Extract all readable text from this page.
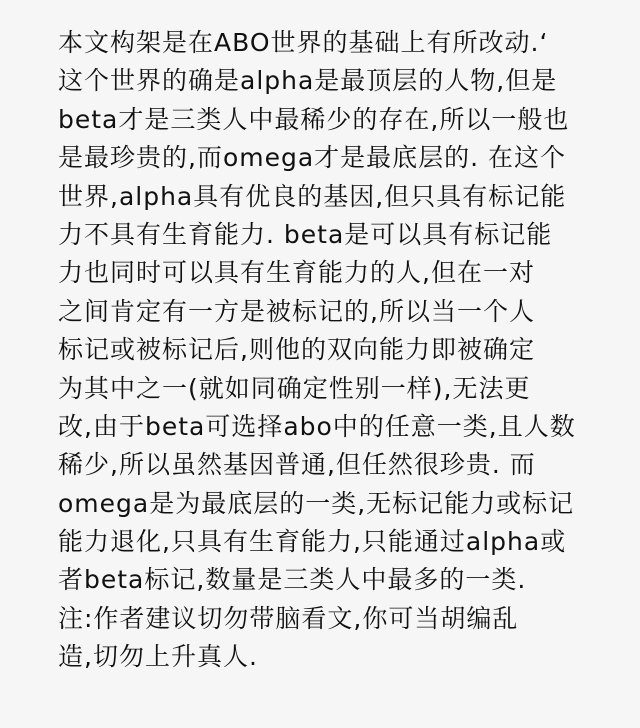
本文构架是在ABO世界的基础上有所改动.‘
这个世界的确是alpha是最顶层的人物,但是
beta才是三类人中最稀少的存在,所以一般也
是最珍贵的,而omega才是最底层的. 在这个
世界,alpha具有优良的基因,但只具有标记能
力不具有生育能力. beta是可以具有标记能
力也同时可以具有生育能力的人,但在一对
之间肯定有一方是被标记的,所以当一个人
标记或被标记后,则他的双向能力即被确定
为其中之一(就如同确定性别一样),无法更
改,由于beta可选择abo中的任意一类,且人数
稀少,所以虽然基因普通,但任然很珍贵. 而
omega是为最底层的一类,无标记能力或标记
能力退化,只具有生育能力,只能通过alpha或
者beta标记,数量是三类人中最多的一类.
注:作者建议切勿带脑看文,你可当胡编乱
造,切勿上升真人.
